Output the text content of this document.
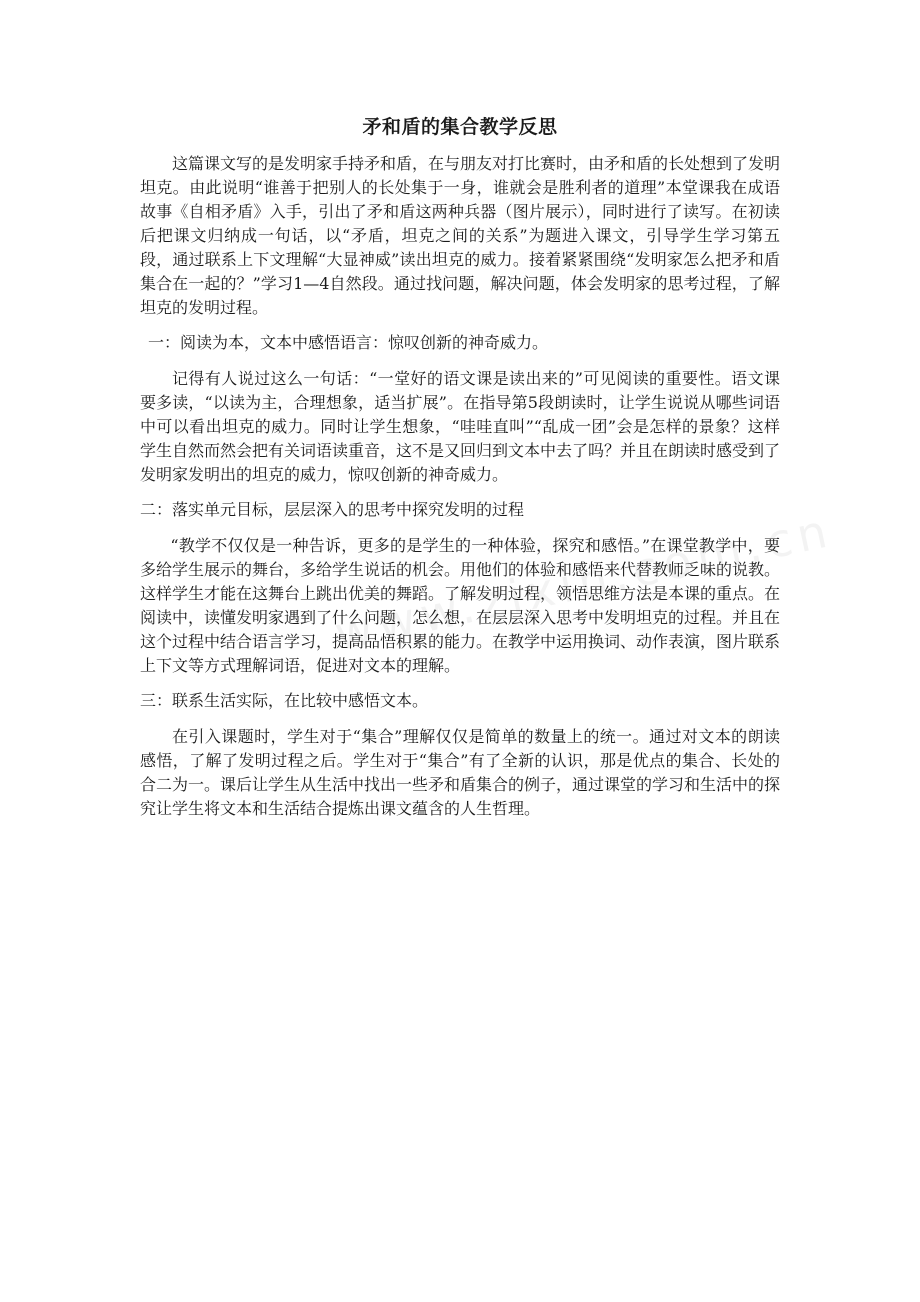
矛和盾的集合教学反思

这篇课文写的是发明家手持矛和盾，在与朋友对打比赛时，由矛和盾的长处想到了发明坦克。由此说明“谁善于把别人的长处集于一身，谁就会是胜利者的道理”本堂课我在成语故事《自相矛盾》入手，引出了矛和盾这两种兵器（图片展示），同时进行了读写。在初读后把课文归纳成一句话，以“矛盾，坦克之间的关系”为题进入课文，引导学生学习第五段，通过联系上下文理解“大显神威”读出坦克的威力。接着紧紧围绕“发明家怎么把矛和盾集合在一起的？”学习1—4自然段。通过找问题，解决问题，体会发明家的思考过程，了解坦克的发明过程。

一：阅读为本，文本中感悟语言：惊叹创新的神奇威力。

记得有人说过这么一句话：“一堂好的语文课是读出来的”可见阅读的重要性。语文课要多读，“以读为主，合理想象，适当扩展”。在指导第5段朗读时，让学生说说从哪些词语中可以看出坦克的威力。同时让学生想象，“哇哇直叫”“乱成一团”会是怎样的景象？这样学生自然而然会把有关词语读重音，这不是又回归到文本中去了吗？并且在朗读时感受到了发明家发明出的坦克的威力，惊叹创新的神奇威力。

二：落实单元目标，层层深入的思考中探究发明的过程

“教学不仅仅是一种告诉，更多的是学生的一种体验，探究和感悟。”在课堂教学中，要多给学生展示的舞台，多给学生说话的机会。用他们的体验和感悟来代替教师乏味的说教。这样学生才能在这舞台上跳出优美的舞蹈。了解发明过程，领悟思维方法是本课的重点。在阅读中，读懂发明家遇到了什么问题，怎么想，在层层深入思考中发明坦克的过程。并且在这个过程中结合语言学习，提高品悟积累的能力。在教学中运用换词、动作表演，图片联系上下文等方式理解词语，促进对文本的理解。

三：联系生活实际，在比较中感悟文本。

在引入课题时，学生对于“集合”理解仅仅是简单的数量上的统一。通过对文本的朗读感悟，了解了发明过程之后。学生对于“集合”有了全新的认识，那是优点的集合、长处的合二为一。课后让学生从生活中找出一些矛和盾集合的例子，通过课堂的学习和生活中的探究让学生将文本和生活结合提炼出课文蕴含的人生哲理。
